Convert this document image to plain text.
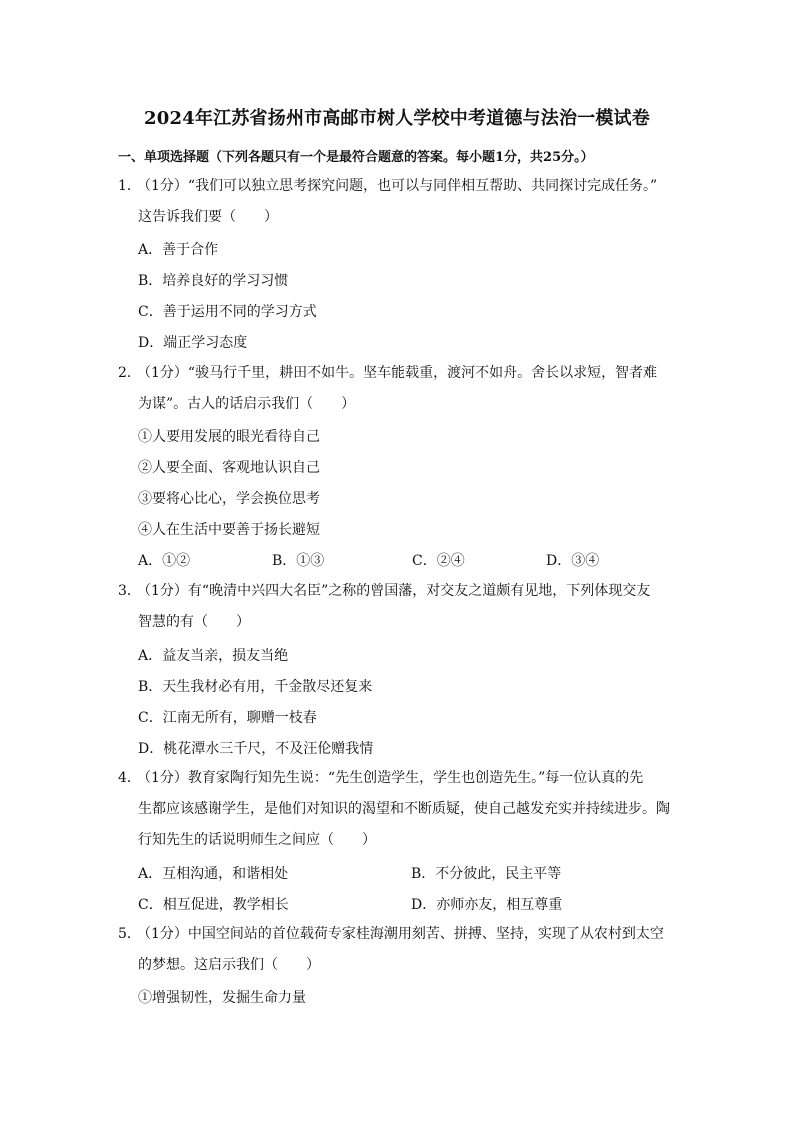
2024年江苏省扬州市高邮市树人学校中考道德与法治一模试卷
一、单项选择题（下列各题只有一个是最符合题意的答案。每小题1分，共25分。）
1．
（1分）“我们可以独立思考探究问题，也可以与同伴相互帮助、共同探讨完成任务。”
这告诉我们要（　　）
A．善于合作
B．培养良好的学习习惯
C．善于运用不同的学习方式
D．端正学习态度
2．
（1分）“骏马行千里，耕田不如牛。坚车能载重，渡河不如舟。舍长以求短，智者难
为谋”。古人的话启示我们（　　）
①人要用发展的眼光看待自己
②人要全面、客观地认识自己
③要将心比心，学会换位思考
④人在生活中要善于扬长避短
A．①②	B．①③	C．②④	D．③④
3．
（1分）有“晚清中兴四大名臣”之称的曾国藩，对交友之道颇有见地，下列体现交友
智慧的有（　　）
A．益友当亲，损友当绝
B．天生我材必有用，千金散尽还复来
C．江南无所有，聊赠一枝春
D．桃花潭水三千尺，不及汪伦赠我情
4．
（1分）教育家陶行知先生说：“先生创造学生，学生也创造先生。”每一位认真的先
生都应该感谢学生，是他们对知识的渴望和不断质疑，使自己越发充实并持续进步。陶
行知先生的话说明师生之间应（　　）
A．互相沟通，和谐相处	B．不分彼此，民主平等
C．相互促进，教学相长	D．亦师亦友，相互尊重
5．
（1分）中国空间站的首位载荷专家桂海潮用刻苦、拼搏、坚持，实现了从农村到太空
的梦想。这启示我们（　　）
①增强韧性，发掘生命力量
